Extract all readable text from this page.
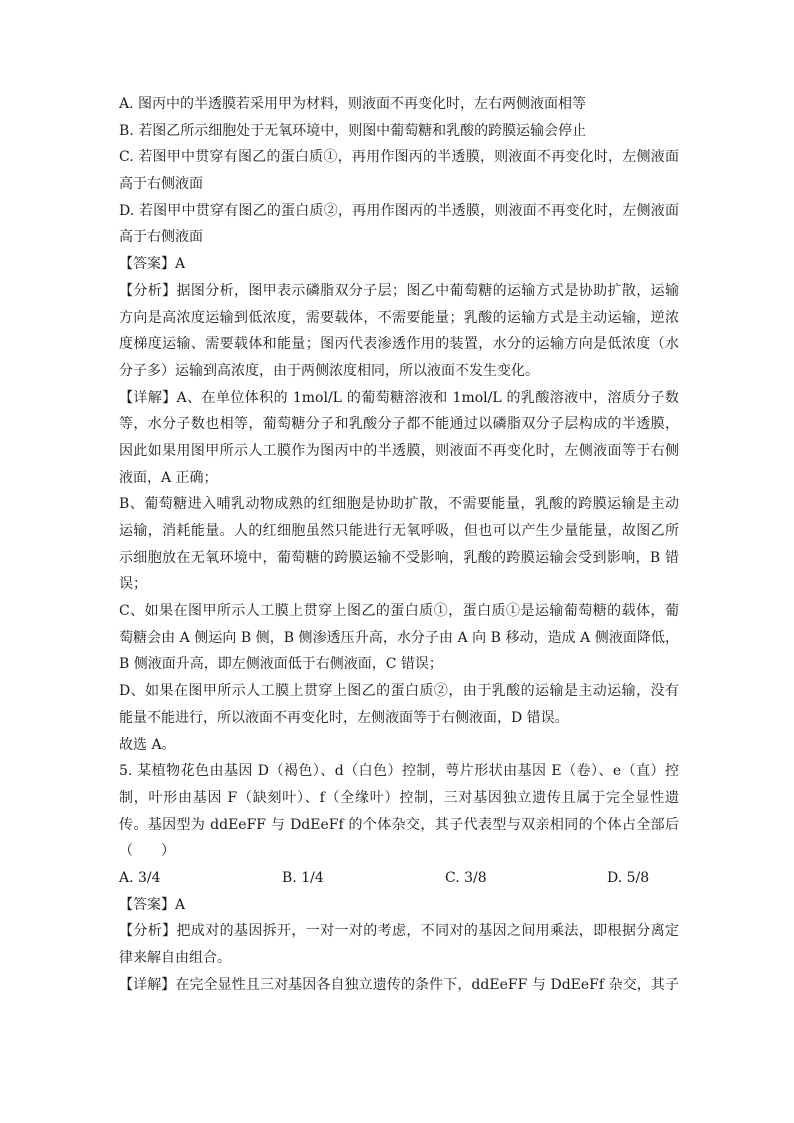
A. 图丙中的半透膜若采用甲为材料，则液面不再变化时，左右两侧液面相等
B. 若图乙所示细胞处于无氧环境中，则图中葡萄糖和乳酸的跨膜运输会停止
C. 若图甲中贯穿有图乙的蛋白质①，再用作图丙的半透膜，则液面不再变化时，左侧液面
高于右侧液面
D. 若图甲中贯穿有图乙的蛋白质②，再用作图丙的半透膜，则液面不再变化时，左侧液面
高于右侧液面
【答案】A
【分析】据图分析，图甲表示磷脂双分子层；图乙中葡萄糖的运输方式是协助扩散，运输
方向是高浓度运输到低浓度，需要载体，不需要能量；乳酸的运输方式是主动运输，逆浓
度梯度运输、需要载体和能量；图丙代表渗透作用的装置，水分的运输方向是低浓度（水
分子多）运输到高浓度，由于两侧浓度相同，所以液面不发生变化。
【详解】A、在单位体积的 1mol/L 的葡萄糖溶液和 1mol/L 的乳酸溶液中，溶质分子数
等，水分子数也相等，葡萄糖分子和乳酸分子都不能通过以磷脂双分子层构成的半透膜，
因此如果用图甲所示人工膜作为图丙中的半透膜，则液面不再变化时，左侧液面等于右侧
液面，A 正确；
B、葡萄糖进入哺乳动物成熟的红细胞是协助扩散，不需要能量，乳酸的跨膜运输是主动
运输，消耗能量。人的红细胞虽然只能进行无氧呼吸，但也可以产生少量能量，故图乙所
示细胞放在无氧环境中，葡萄糖的跨膜运输不受影响，乳酸的跨膜运输会受到影响，B 错
误；
C、如果在图甲所示人工膜上贯穿上图乙的蛋白质①，蛋白质①是运输葡萄糖的载体，葡
萄糖会由 A 侧运向 B 侧，B 侧渗透压升高，水分子由 A 向 B 移动，造成 A 侧液面降低，
B 侧液面升高，即左侧液面低于右侧液面，C 错误；
D、如果在图甲所示人工膜上贯穿上图乙的蛋白质②，由于乳酸的运输是主动运输，没有
能量不能进行，所以液面不再变化时，左侧液面等于右侧液面，D 错误。
故选 A。
5. 某植物花色由基因 D（褐色）、d（白色）控制，萼片形状由基因 E（卷）、e（直）控
制，叶形由基因 F（缺刻叶）、f（全缘叶）控制，三对基因独立遗传且属于完全显性遗
传。基因型为 ddEeFF 与 DdEeFf 的个体杂交，其子代表型与双亲相同的个体占全部后
（　　）
A. 3/4	B. 1/4	C. 3/8	D. 5/8
【答案】A
【分析】把成对的基因拆开，一对一对的考虑，不同对的基因之间用乘法，即根据分离定
律来解自由组合。
【详解】在完全显性且三对基因各自独立遗传的条件下，ddEeFF 与 DdEeFf 杂交，其子
